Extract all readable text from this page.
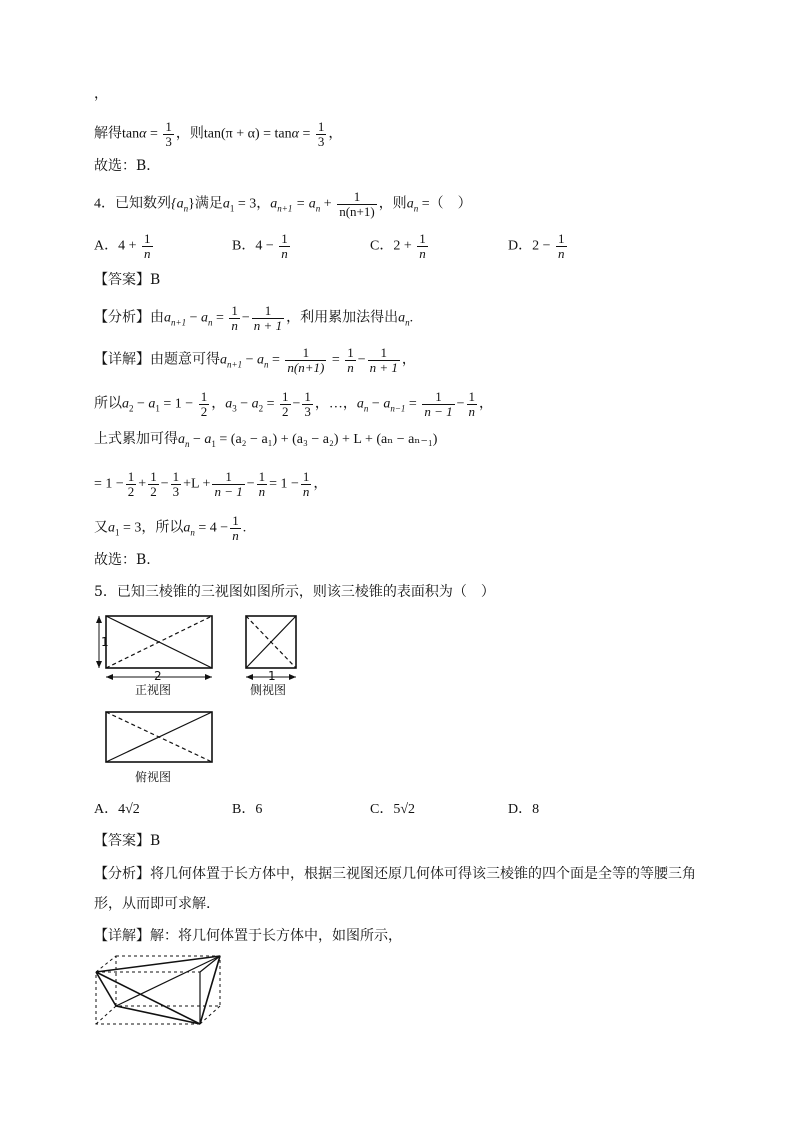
，
解得$\tan\alpha = \frac{1}{3}$ ，则$\tan(\pi + \alpha) = \tan\alpha = \frac{1}{3}$ ，
故选：B．
4．已知数列$\{a_n\}$满足$a_1 = 3$，$a_{n+1} = a_n + \frac{1}{n(n+1)}$ ，则$a_n$ =（　）
A．$4 + \frac{1}{n}$	B．$4 - \frac{1}{n}$	C．$2 + \frac{1}{n}$	D．$2 - \frac{1}{n}$
【答案】B
【分析】由$a_{n+1} - a_n = \frac{1}{n} - \frac{1}{n + 1}$ ，利用累加法得出$a_n$.
【详解】由题意可得$a_{n+1} - a_n = \frac{1}{n(n+1)} = \frac{1}{n} - \frac{1}{n + 1}$ ，
所以$a_2 - a_1 = 1 - \frac{1}{2}$ ，$a_3 - a_2 = \frac{1}{2} - \frac{1}{3}$ ，…，$a_n - a_{n-1} = \frac{1}{n - 1} - \frac{1}{n}$ ，
上式累加可得$a_n - a_1 = (a_2 - a_1) + (a_3 - a_2) + L + (a_n - a_{n-1})$
= $1 - \frac{1}{2} + \frac{1}{2} - \frac{1}{3} +L + \frac{1}{n - 1} - \frac{1}{n} = 1 - \frac{1}{n}$ ，
又$a_1 = 3$，所以$a_n = 4 - \frac{1}{n}$ .
故选：B.
5．已知三棱锥的三视图如图所示，则该三棱锥的表面积为（　）
1
2
正视图
1
侧视图
俯视图
A．4√2	B．6	C．5√2	D．8
【答案】B
【分析】将几何体置于长方体中，根据三视图还原几何体可得该三棱锥的四个面是全等的等腰三角
形，从而即可求解.
【详解】解：将几何体置于长方体中，如图所示，
